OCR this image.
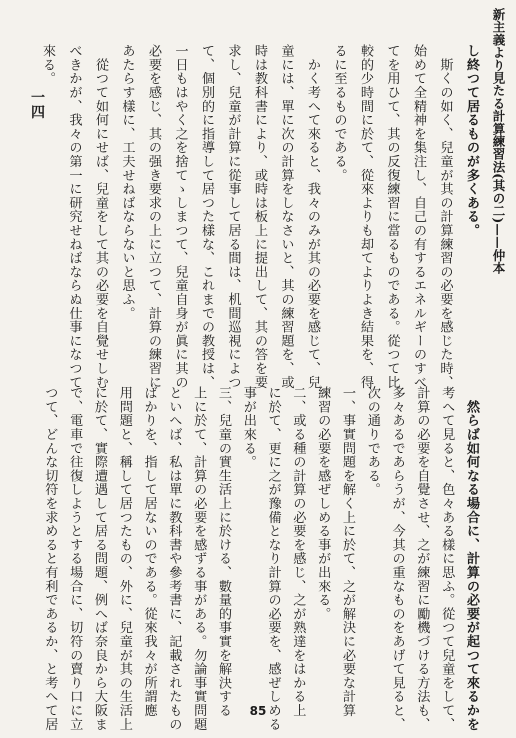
新主義より見たる計算練習法(其の二)——仲本
し終つて居るものが多くある。
　斯くの如く、兒童が其の計算練習の必要を感じた時、
始めて全精神を集注し、自己の有するエネルギーのすべ
てを用ひて、其の反復練習に當るものである。從つて比
較的少時間に於て、從來よりも却てよりよき結果を、得
るに至るものである。
　かく考へて來ると、我々のみが其の必要を感じて、兒
童には、單に次の計算をしなさいと、其の練習題を、或
時は教科書により、或時は板上に提出して、其の答を要
求し、兒童が計算に從事して居る間は、机間巡視によつ
て、個別的に指導して居つた樣な、これまでの教授は、
一日もはやく之を捨てゝしまつて、兒童自身が眞に其の
必要を感じ、其の强き要求の上に立つて、計算の練習に
あたらす樣に、工夫せねばならないと思ふ。
　從つて如何にせば、兒童をして其の必要を自覺せしむ
べきかが、我々の第一に研究せねばならぬ仕事になつて
來る。
　然らば如何なる場合に、計算の必要が起つて來るかを
考へて見ると、色々ある樣に思ふ。從つて兒童をして、
計算の必要を自覺させ、之が練習に勵機づける方法も、
多々あるであらうが、今其の重なものをあげて見ると、
次の通りである。
一、事實問題を解く上に於て、之が解決に必要な計算
練習の必要を感ぜしめる事が出來る。
二、或る種の計算の必要を感じ、之が熟達をはかる上
に於て、更に之が豫備となり計算の必要を、感ぜしめる
事が出來る。
三、兒童の實生活上に於ける、數量的事實を解決する
上に於て、計算の必要を感ずる事がある。勿論事實問題
といへば、私は單に教科書や參考書に、記載されたもの
ばかりを、指して居ないのである。從來我々が所謂應
用問題と、稱して居つたもの、外に、兒童が其の生活上
に於て、實際遭遇して居る問題、例へば奈良から大阪ま
で、電車で往復しようとする場合に、切符の賣り口に立
つて、どんな切符を求めると有利であるか、と考へて居
一四
85
